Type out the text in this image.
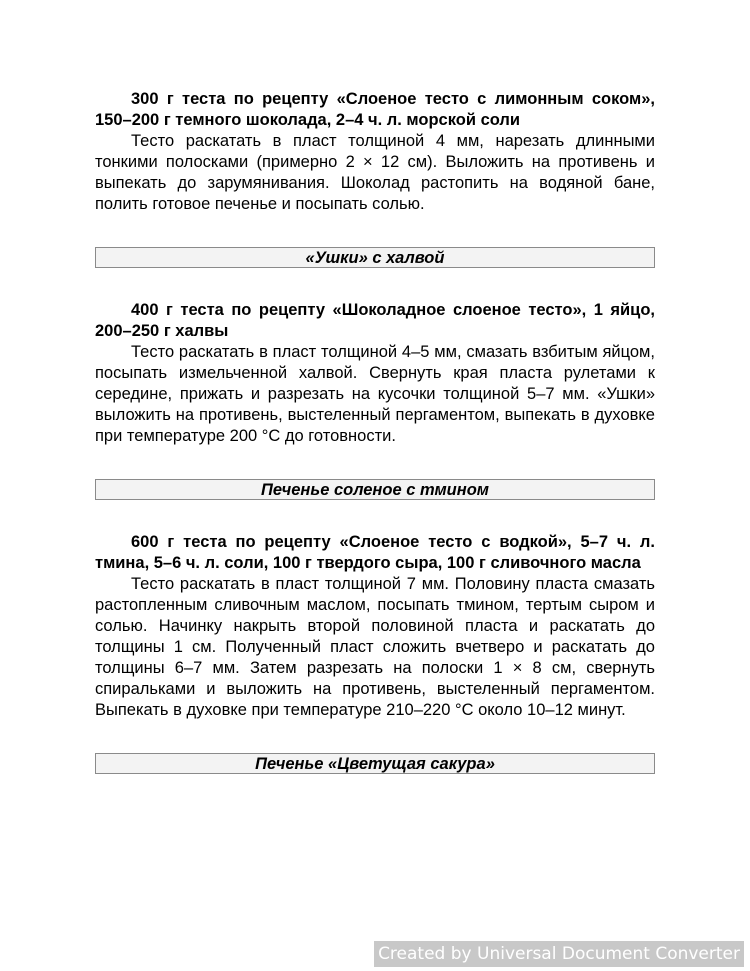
300 г теста по рецепту «Слоеное тесто с лимонным соком», 150–200 г темного шоколада, 2–4 ч. л. морской соли

Тесто раскатать в пласт толщиной 4 мм, нарезать длинными тонкими полосками (примерно 2 × 12 см). Выложить на противень и выпекать до зарумянивания. Шоколад растопить на водяной бане, полить готовое печенье и посыпать солью.

«Ушки» с халвой

400 г теста по рецепту «Шоколадное слоеное тесто», 1 яйцо, 200–250 г халвы

Тесто раскатать в пласт толщиной 4–5 мм, смазать взбитым яйцом, посыпать измельченной халвой. Свернуть края пласта рулетами к середине, прижать и разрезать на кусочки толщиной 5–7 мм. «Ушки» выложить на противень, выстеленный пергаментом, выпекать в духовке при температуре 200 °С до готовности.

Печенье соленое с тмином

600 г теста по рецепту «Слоеное тесто с водкой», 5–7 ч. л. тмина, 5–6 ч. л. соли, 100 г твердого сыра, 100 г сливочного масла

Тесто раскатать в пласт толщиной 7 мм. Половину пласта смазать растопленным сливочным маслом, посыпать тмином, тертым сыром и солью. Начинку накрыть второй половиной пласта и раскатать до толщины 1 см. Полученный пласт сложить вчетверо и раскатать до толщины 6–7 мм. Затем разрезать на полоски 1 × 8 см, свернуть спиральками и выложить на противень, выстеленный пергаментом. Выпекать в духовке при температуре 210–220 °С около 10–12 минут.

Печенье «Цветущая сакура»
Created by Universal Document Converter
